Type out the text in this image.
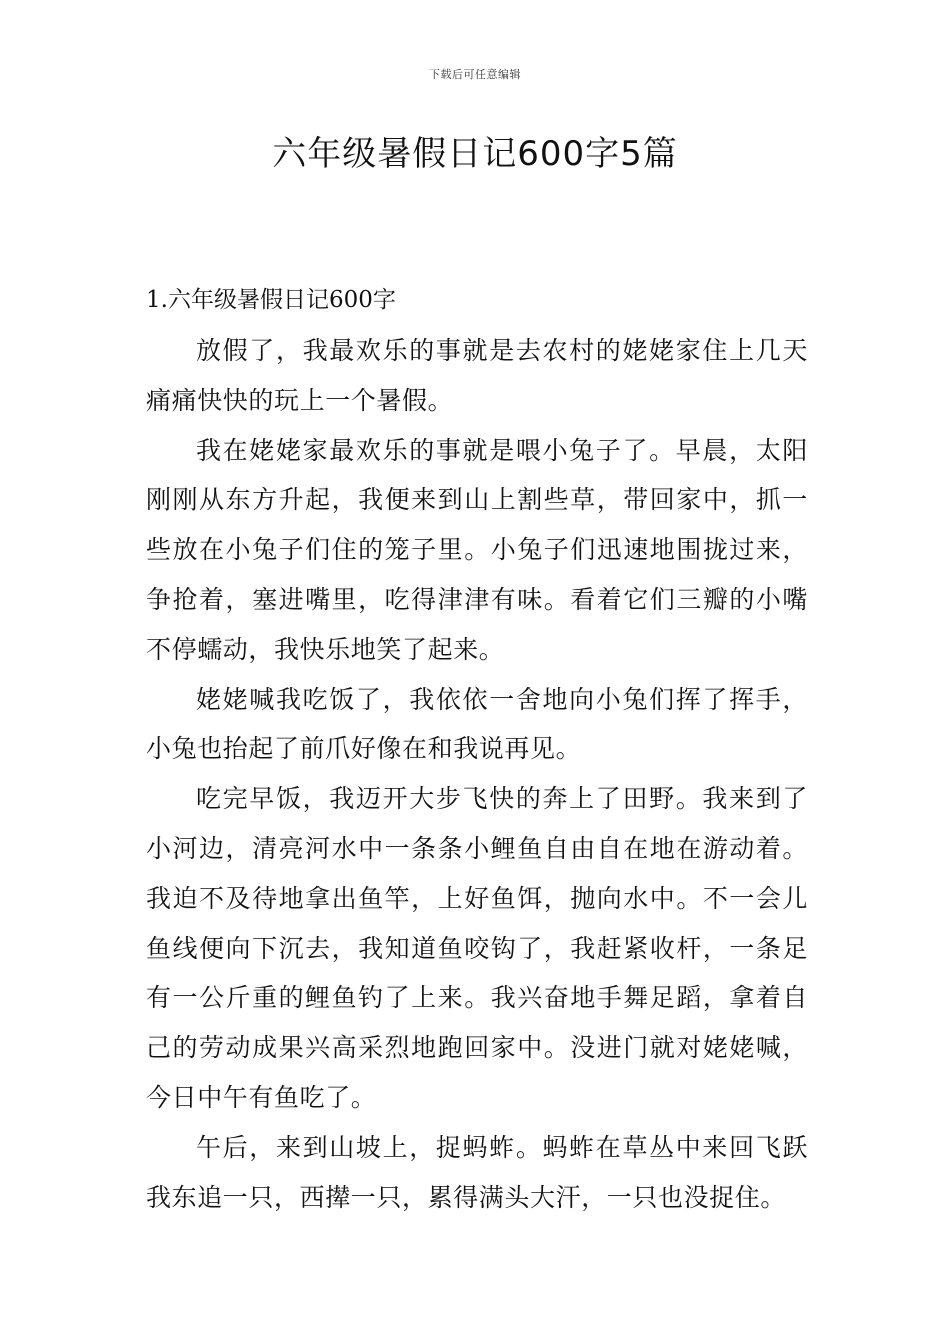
下载后可任意编辑
六年级暑假日记600字5篇
1.六年级暑假日记600字

放假了，我最欢乐的事就是去农村的姥姥家住上几天痛痛快快的玩上一个暑假。

我在姥姥家最欢乐的事就是喂小兔子了。早晨，太阳刚刚从东方升起，我便来到山上割些草，带回家中，抓一些放在小兔子们住的笼子里。小兔子们迅速地围拢过来，争抢着，塞进嘴里，吃得津津有味。看着它们三瓣的小嘴不停蠕动，我快乐地笑了起来。

姥姥喊我吃饭了，我依依一舍地向小兔们挥了挥手，小兔也抬起了前爪好像在和我说再见。

吃完早饭，我迈开大步飞快的奔上了田野。我来到了小河边，清亮河水中一条条小鲤鱼自由自在地在游动着。我迫不及待地拿出鱼竿，上好鱼饵，抛向水中。不一会儿鱼线便向下沉去，我知道鱼咬钩了，我赶紧收杆，一条足有一公斤重的鲤鱼钓了上来。我兴奋地手舞足蹈，拿着自己的劳动成果兴高采烈地跑回家中。没进门就对姥姥喊，今日中午有鱼吃了。

午后，来到山坡上，捉蚂蚱。蚂蚱在草丛中来回飞跃我东追一只，西撵一只，累得满头大汗，一只也没捉住。
